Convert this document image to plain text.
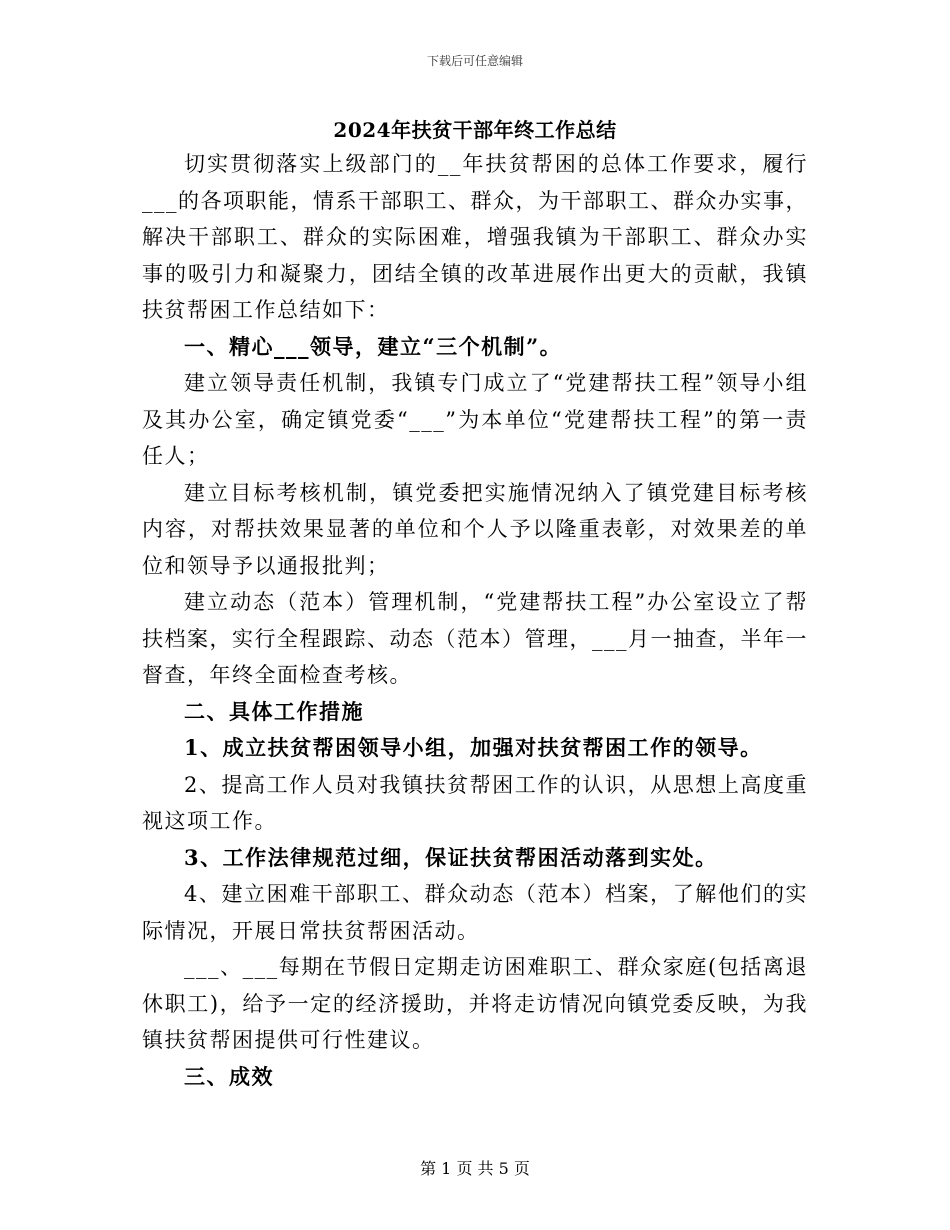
下载后可任意编辑
2024年扶贫干部年终工作总结

切实贯彻落实上级部门的__年扶贫帮困的总体工作要求，履行___的各项职能，情系干部职工、群众，为干部职工、群众办实事，解决干部职工、群众的实际困难，增强我镇为干部职工、群众办实事的吸引力和凝聚力，团结全镇的改革进展作出更大的贡献，我镇扶贫帮困工作总结如下：

一、精心___领导，建立“三个机制”。

建立领导责任机制，我镇专门成立了“党建帮扶工程”领导小组及其办公室，确定镇党委“___”为本单位“党建帮扶工程”的第一责任人；

建立目标考核机制，镇党委把实施情况纳入了镇党建目标考核内容，对帮扶效果显著的单位和个人予以隆重表彰，对效果差的单位和领导予以通报批判；

建立动态（范本）管理机制，“党建帮扶工程”办公室设立了帮扶档案，实行全程跟踪、动态（范本）管理，___月一抽查，半年一督查，年终全面检查考核。

二、具体工作措施

1、成立扶贫帮困领导小组，加强对扶贫帮困工作的领导。

2、提高工作人员对我镇扶贫帮困工作的认识，从思想上高度重视这项工作。

3、工作法律规范过细，保证扶贫帮困活动落到实处。

4、建立困难干部职工、群众动态（范本）档案，了解他们的实际情况，开展日常扶贫帮困活动。

___、___每期在节假日定期走访困难职工、群众家庭(包括离退休职工)，给予一定的经济援助，并将走访情况向镇党委反映，为我镇扶贫帮困提供可行性建议。

三、成效

第 1 页 共 5 页
